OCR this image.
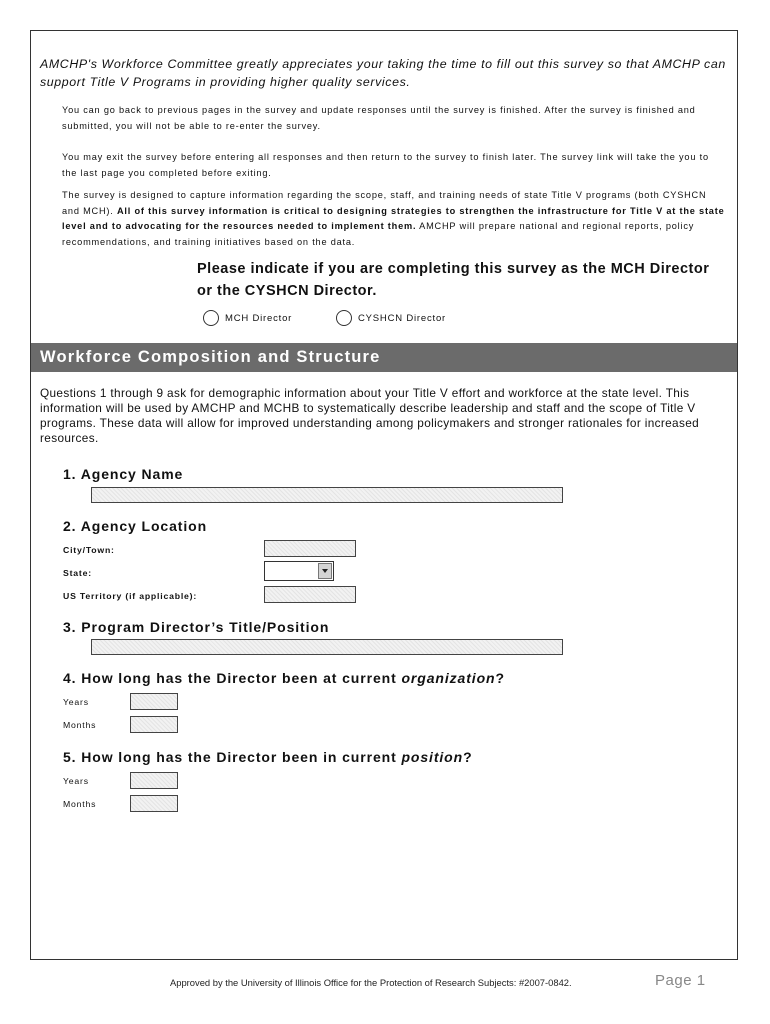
AMCHP's Workforce Committee greatly appreciates your taking the time to fill out this survey so that AMCHP can support Title V Programs in providing higher quality services.
You can go back to previous pages in the survey and update responses until the survey is finished. After the survey is finished and submitted, you will not be able to re-enter the survey.
You may exit the survey before entering all responses and then return to the survey to finish later. The survey link will take the you to the last page you completed before exiting.
The survey is designed to capture information regarding the scope, staff, and training needs of state Title V programs (both CYSHCN and MCH). All of this survey information is critical to designing strategies to strengthen the infrastructure for Title V at the state level and to advocating for the resources needed to implement them. AMCHP will prepare national and regional reports, policy recommendations, and training initiatives based on the data.
Please indicate if you are completing this survey as the MCH Director or the CYSHCN Director.
MCH Director	CYSHCN Director
Workforce Composition and Structure
Questions 1 through 9 ask for demographic information about your Title V effort and workforce at the state level. This information will be used by AMCHP and MCHB to systematically describe leadership and staff and the scope of Title V programs. These data will allow for improved understanding among policymakers and stronger rationales for increased resources.
1. Agency Name
2. Agency Location
City/Town:
State:
US Territory (if applicable):
3. Program Director’s Title/Position
4. How long has the Director been at current organization?
Years
Months
5. How long has the Director been in current position?
Years
Months
Approved by the University of Illinois Office for the Protection of Research Subjects: #2007-0842.	Page 1
